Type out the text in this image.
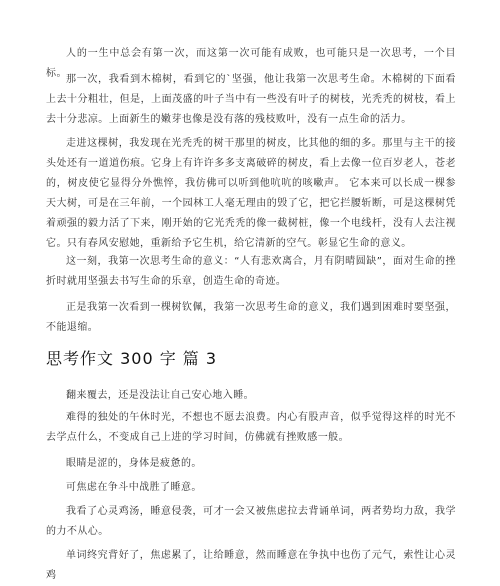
人的一生中总会有第一次，而这第一次可能有成败，也可能只是一次思考，一个目标。

那一次，我看到木棉树，看到它的`坚强，他让我第一次思考生命。木棉树的下面看上去十分粗壮，但是，上面茂盛的叶子当中有一些没有叶子的树枝，光秃秃的树枝，看上去十分悲凉。上面新生的嫩芽也像是没有落的残枝败叶，没有一点生命的活力。

走进这棵树，我发现在光秃秃的树干那里的树皮，比其他的细的多。那里与主干的接头处还有一道道伤痕。它身上有许许多多支离破碎的树皮，看上去像一位百岁老人，苍老的，树皮使它显得分外憔悴，我仿佛可以听到他吭吭的咳嗽声。 它本来可以长成一棵参天大树，可是在三年前，一个园林工人毫无理由的毁了它，把它拦腰斩断，可是这棵树凭着顽强的毅力活了下来，刚开始的它光秃秃的像一截树桩，像一个电线杆，没有人去注视它。只有春风安慰她，重新给予它生机，给它清新的空气。彰显它生命的意义。

这一刻，我第一次思考生命的意义：“人有悲欢离合，月有阴晴圆缺”，面对生命的挫折时就用坚强去书写生命的乐章，创造生命的奇迹。

正是我第一次看到一棵树钦佩，我第一次思考生命的意义，我们遇到困难时要坚强，不能退缩。

思考作文 300 字 篇 3

翻来覆去，还是没法让自己安心地入睡。

难得的独处的午休时光，不想也不愿去浪费。内心有股声音，似乎觉得这样的时光不去学点什么，不变成自己上进的学习时间，仿佛就有挫败感一般。

眼睛是涩的，身体是疲惫的。

可焦虑在争斗中战胜了睡意。

我看了心灵鸡汤，睡意侵袭，可才一会又被焦虑拉去背诵单词，两者势均力敌，我学的力不从心。

单词终究背好了，焦虑累了，让给睡意，然而睡意在争执中也伤了元气，索性让心灵鸡
